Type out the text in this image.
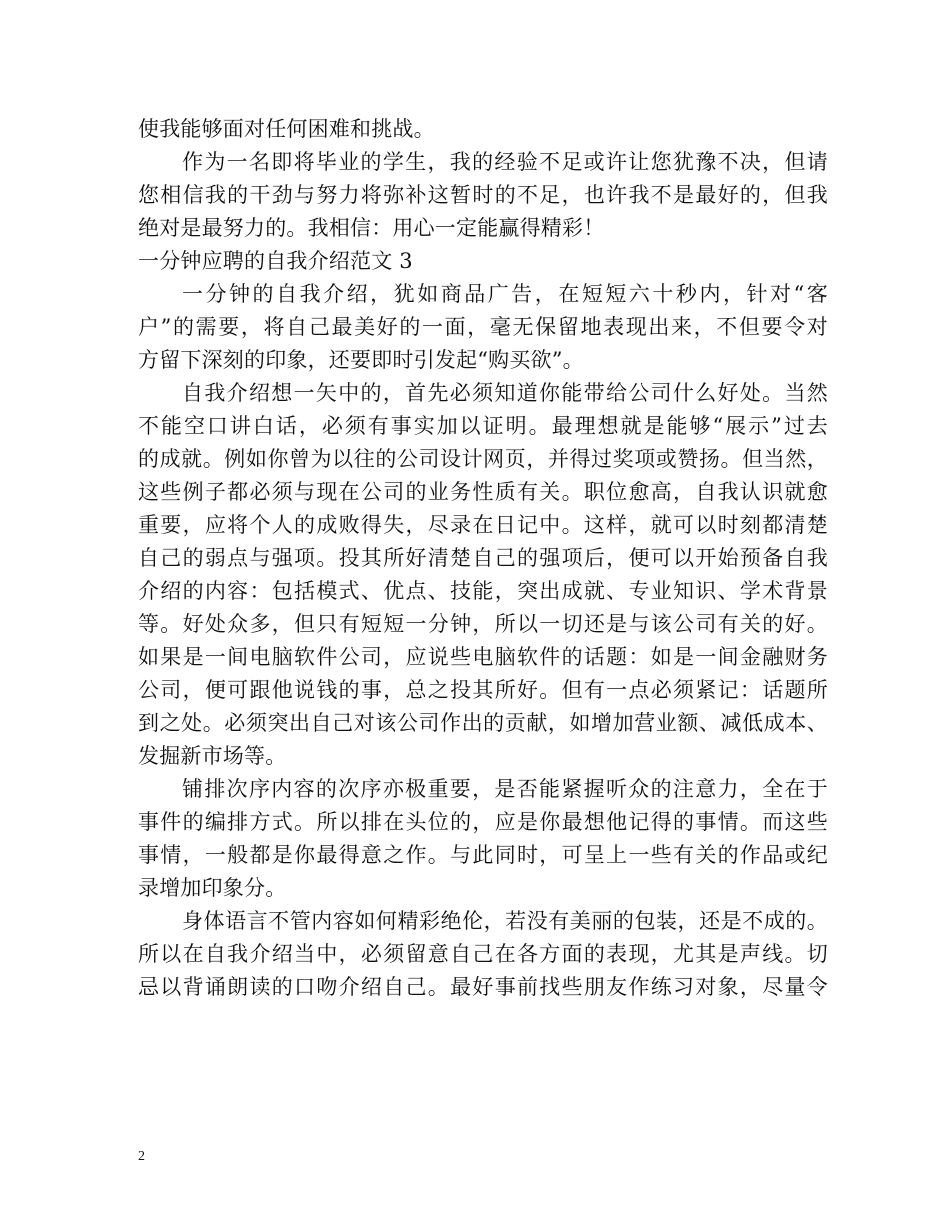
使我能够面对任何困难和挑战。
作为一名即将毕业的学生，我的经验不足或许让您犹豫不决，但请
您相信我的干劲与努力将弥补这暂时的不足，也许我不是最好的，但我
绝对是最努力的。我相信：用心一定能赢得精彩！
一分钟应聘的自我介绍范文 3
一分钟的自我介绍，犹如商品广告，在短短六十秒内，针对“客
户”的需要，将自己最美好的一面，毫无保留地表现出来，不但要令对
方留下深刻的印象，还要即时引发起“购买欲”。
自我介绍想一矢中的，首先必须知道你能带给公司什么好处。当然
不能空口讲白话，必须有事实加以证明。最理想就是能够“展示”过去
的成就。例如你曾为以往的公司设计网页，并得过奖项或赞扬。但当然，
这些例子都必须与现在公司的业务性质有关。职位愈高，自我认识就愈
重要，应将个人的成败得失，尽录在日记中。这样，就可以时刻都清楚
自己的弱点与强项。投其所好清楚自己的强项后，便可以开始预备自我
介绍的内容：包括模式、优点、技能，突出成就、专业知识、学术背景
等。好处众多，但只有短短一分钟，所以一切还是与该公司有关的好。
如果是一间电脑软件公司，应说些电脑软件的话题：如是一间金融财务
公司，便可跟他说钱的事，总之投其所好。但有一点必须紧记：话题所
到之处。必须突出自己对该公司作出的贡献，如增加营业额、减低成本、
发掘新市场等。
铺排次序内容的次序亦极重要，是否能紧握听众的注意力，全在于
事件的编排方式。所以排在头位的，应是你最想他记得的事情。而这些
事情，一般都是你最得意之作。与此同时，可呈上一些有关的作品或纪
录增加印象分。
身体语言不管内容如何精彩绝伦，若没有美丽的包装，还是不成的。
所以在自我介绍当中，必须留意自己在各方面的表现，尤其是声线。切
忌以背诵朗读的口吻介绍自己。最好事前找些朋友作练习对象，尽量令
2
